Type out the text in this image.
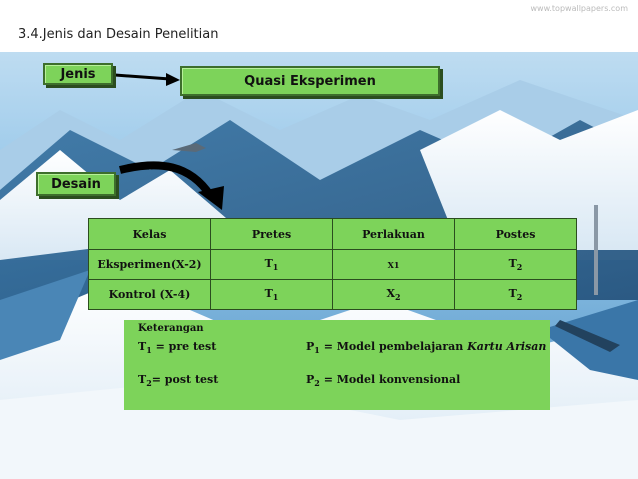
3.4.Jenis dan Desain Penelitian
www.topwallpapers.com
Jenis	Quasi Eksperimen
Desain
Kelas	Pretes	Perlakuan	Postes
Eksperimen(X-2)	$T_1$	X1	$T_2$
Kontrol (X-4)	$T_1$	$X_2$	$T_2$
Keterangan
$T_1$ = pre test	$P_1$ = Model pembelajaran Kartu Arisan
$T_2=$ post test	$P_2$ = Model konvensional
